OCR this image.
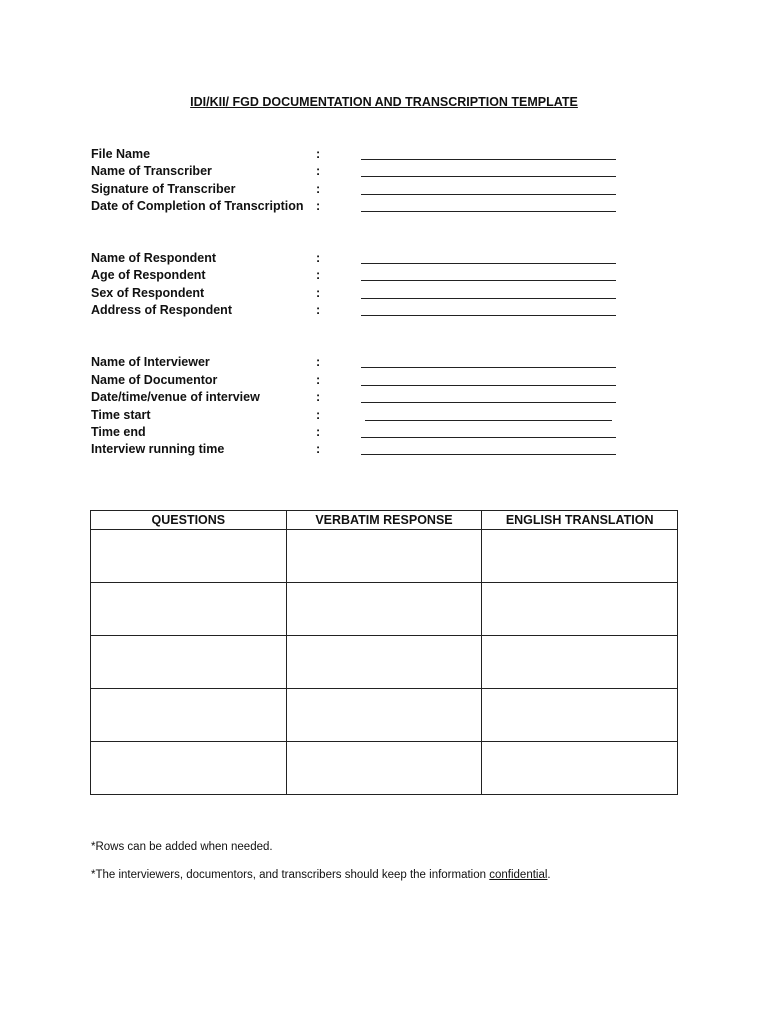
IDI/KII/ FGD DOCUMENTATION AND TRANSCRIPTION TEMPLATE
File Name	:
Name of Transcriber	:
Signature of Transcriber	:
Date of Completion of Transcription :
Name of Respondent	:
Age of Respondent	:
Sex of Respondent	:
Address of Respondent	:
Name of Interviewer	:
Name of Documentor	:
Date/time/venue of interview	:
Time start	:
Time end	:
Interview running time	:
QUESTIONS	VERBATIM RESPONSE	ENGLISH TRANSLATION

*Rows can be added when needed.
*The interviewers, documentors, and transcribers should keep the information confidential.
